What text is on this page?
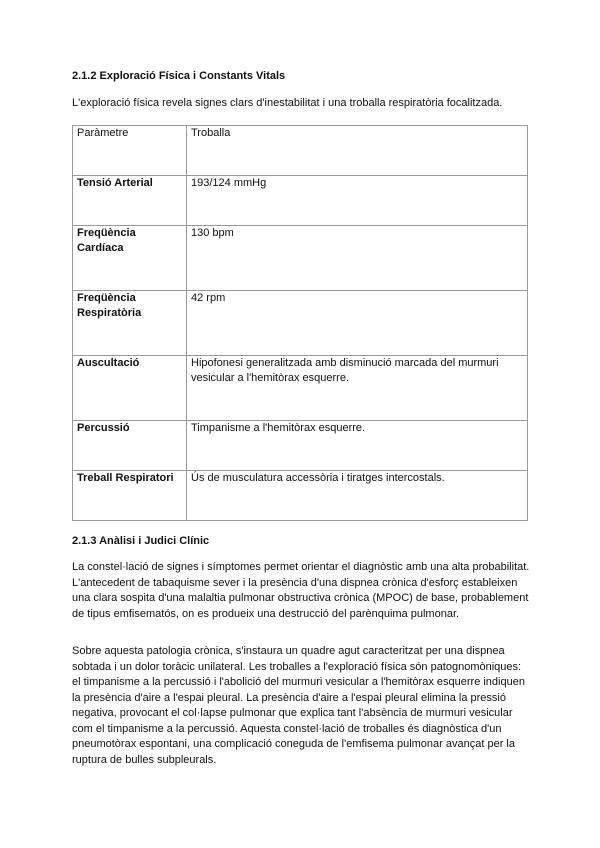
2.1.2 Exploració Física i Constants Vitals

L'exploració física revela signes clars d'inestabilitat i una troballa respiratòria focalitzada.

Paràmetre	Troballa
Tensió Arterial	193/124 mmHg
Freqüència Cardíaca	130 bpm
Freqüència Respiratòria	42 rpm
Auscultació	Hipofonesi generalitzada amb disminució marcada del murmuri vesicular a l'hemitòrax esquerre.
Percussió	Timpanisme a l'hemitòrax esquerre.
Treball Respiratori	Ús de musculatura accessòria i tiratges intercostals.
2.1.3 Anàlisi i Judici Clínic

La constel·lació de signes i símptomes permet orientar el diagnòstic amb una alta probabilitat. L'antecedent de tabaquisme sever i la presència d'una dispnea crònica d'esforç estableixen una clara sospita d'una malaltia pulmonar obstructiva crònica (MPOC) de base, probablement de tipus emfisematós, on es produeix una destrucció del parènquima pulmonar.

Sobre aquesta patologia crònica, s'instaura un quadre agut caracteritzat per una dispnea sobtada i un dolor toràcic unilateral. Les troballes a l'exploració física són patognomòniques: el timpanisme a la percussió i l'abolició del murmuri vesicular a l'hemitòrax esquerre indiquen la presència d'aire a l'espai pleural. La presència d'aire a l'espai pleural elimina la pressió negativa, provocant el col·lapse pulmonar que explica tant l'absència de murmuri vesicular com el timpanisme a la percussió. Aquesta constel·lació de troballes és diagnòstica d'un pneumotòrax espontani, una complicació coneguda de l'emfisema pulmonar avançat per la ruptura de bulles subpleurals.
